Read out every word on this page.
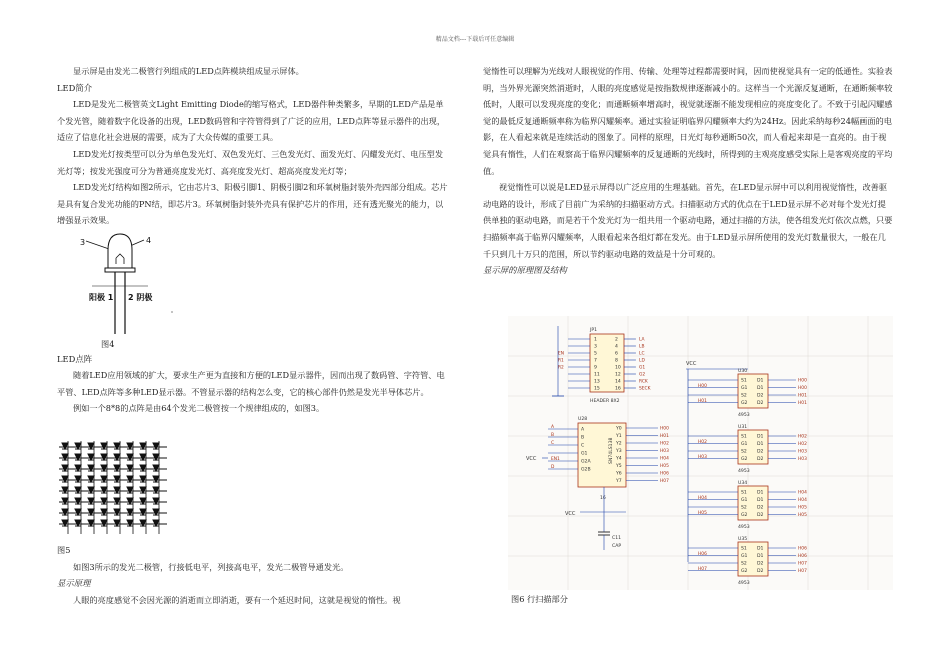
精品文档---下载后可任意编辑

显示屏是由发光二极管行列组成的LED点阵模块组成显示屏体。

LED简介

LED是发光二极管英文Light Emitting Diode的缩写格式，LED器件种类繁多，早期的LED产品是单个发光管，随着数字化设备的出现，LED数码管和字符管得到了广泛的应用，LED点阵等显示器件的出现，适应了信息化社会进展的需要，成为了大众传媒的重要工具。

LED发光灯按类型可以分为单色发光灯、双色发光灯、三色发光灯、面发光灯、闪耀发光灯、电压型发光灯等；按发光强度可分为普通亮度发光灯、高亮度发光灯、超高亮度发光灯等；

LED发光灯结构如图2所示，它由芯片3、阳极引脚1、阴极引脚2和环氧树脂封装外壳四部分组成。芯片是具有复合发光功能的PN结，即芯片3。环氧树脂封装外壳具有保护芯片的作用，还有透光聚光的能力，以增强显示效果。

3	4
阳极 1 2 阴极

图4

LED点阵

随着LED应用领域的扩大，要求生产更为直接和方便的LED显示器件，因而出现了数码管、字符管、电平管、LED点阵等多种LED显示器。不管显示器的结构怎么变，它的核心部件仍然是发光半导体芯片。

例如一个8*8的点阵是由64个发光二极管按一个规律组成的，如图3。

图5

如图3所示的发光二极管，行接低电平，列接高电平，发光二极管导通发光。

显示原理

人眼的亮度感觉不会因光源的消逝而立即消逝，要有一个延迟时间，这就是视觉的惰性。视

觉惰性可以理解为光线对人眼视觉的作用、传输、处理等过程都需要时间，因而使视觉具有一定的低通性。实验表明，当外界光源突然消逝时，人眼的亮度感觉是按指数规律逐渐减小的。这样当一个光源反复通断，在通断频率较低时，人眼可以发现亮度的变化；而通断频率增高时，视觉就逐渐不能发现相应的亮度变化了。不致于引起闪耀感觉的最低反复通断频率称为临界闪耀频率。通过实验证明临界闪耀频率大约为24Hz。因此采纳每秒24幅画面的电影，在人看起来就是连续活动的图象了。同样的原理，日光灯每秒通断50次，而人看起来却是一直亮的。由于视觉具有惰性，人们在观察高于临界闪耀频率的反复通断的光线时，所得到的主观亮度感受实际上是客观亮度的平均值。

视觉惰性可以说是LED显示屏得以广泛应用的生理基础。首先，在LED显示屏中可以利用视觉惰性，改善驱动电路的设计，形成了目前广为采纳的扫描驱动方式。扫描驱动方式的优点在于LED显示屏不必对每个发光灯提供单独的驱动电路，而是若干个发光灯为一组共用一个驱动电路，通过扫描的方法，使各组发光灯依次点燃，只要扫描频率高于临界闪耀频率，人眼看起来各组灯都在发光。由于LED显示屏所使用的发光灯数量很大，一般在几千只到几十万只的范围，所以节约驱动电路的效益是十分可观的。

显示屏的原理图及结构

JP1
HEADER 8X2
1	2	LA
3	4	LB
5	6
EN	LC
7	8
R1	LD
9	10
R2	G1
11	12	G2
13	14	RCK
15	16	SECK
U28
SN74LS138
A
A
B
B
C
C
G1
G2A
EN1
G2B
D
VCC
Y0	H00
Y1	H01
Y2	H02
Y3	H03
Y4	H04
Y5	H05
Y6	H06
Y7	H07
16
VCC
C11
CAP
VCC
U30
S1 D1	H00
G1 D1	H00
S2 D2	H01
G2 D2	H01
H00
H01
4953
U31
S1 D1	H02
G1 D1	H02
S2 D2	H03
G2 D2	H03
H02
H03
4953
U34
S1 D1	H04
G1 D1	H04
S2 D2	H05
G2 D2	H05
H04
H05
4953
U35
S1 D1	H06
G1 D1	H06
S2 D2	H07
G2 D2	H07
H06
H07
4953

图6 行扫描部分
